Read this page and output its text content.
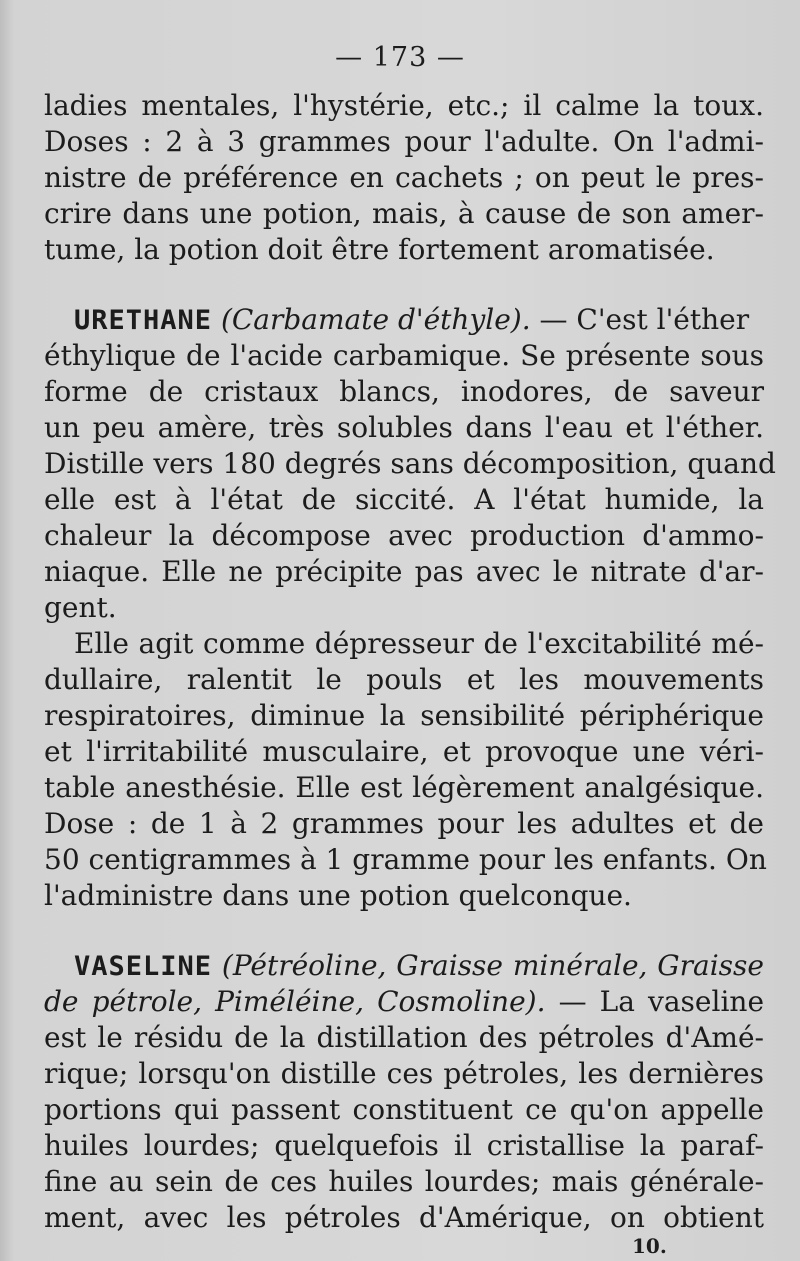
— 173 —
ladies mentales, l'hystérie, etc.; il calme la toux.
Doses : 2 à 3 grammes pour l'adulte. On l'admi-
nistre de préférence en cachets ; on peut le pres-
crire dans une potion, mais, à cause de son amer-
tume, la potion doit être fortement aromatisée.
URETHANE (Carbamate d'éthyle). — C'est l'éther
éthylique de l'acide carbamique. Se présente sous
forme de cristaux blancs, inodores, de saveur
un peu amère, très solubles dans l'eau et l'éther.
Distille vers 180 degrés sans décomposition, quand
elle est à l'état de siccité. A l'état humide, la
chaleur la décompose avec production d'ammo-
niaque. Elle ne précipite pas avec le nitrate d'ar-
gent.
Elle agit comme dépresseur de l'excitabilité mé-
dullaire, ralentit le pouls et les mouvements
respiratoires, diminue la sensibilité périphérique
et l'irritabilité musculaire, et provoque une véri-
table anesthésie. Elle est légèrement analgésique.
Dose : de 1 à 2 grammes pour les adultes et de
50 centigrammes à 1 gramme pour les enfants. On
l'administre dans une potion quelconque.
VASELINE (Pétréoline, Graisse minérale, Graisse
de pétrole, Piméléine, Cosmoline). — La vaseline
est le résidu de la distillation des pétroles d'Amé-
rique; lorsqu'on distille ces pétroles, les dernières
portions qui passent constituent ce qu'on appelle
huiles lourdes; quelquefois il cristallise la paraf-
fine au sein de ces huiles lourdes; mais générale-
ment, avec les pétroles d'Amérique, on obtient
10.
